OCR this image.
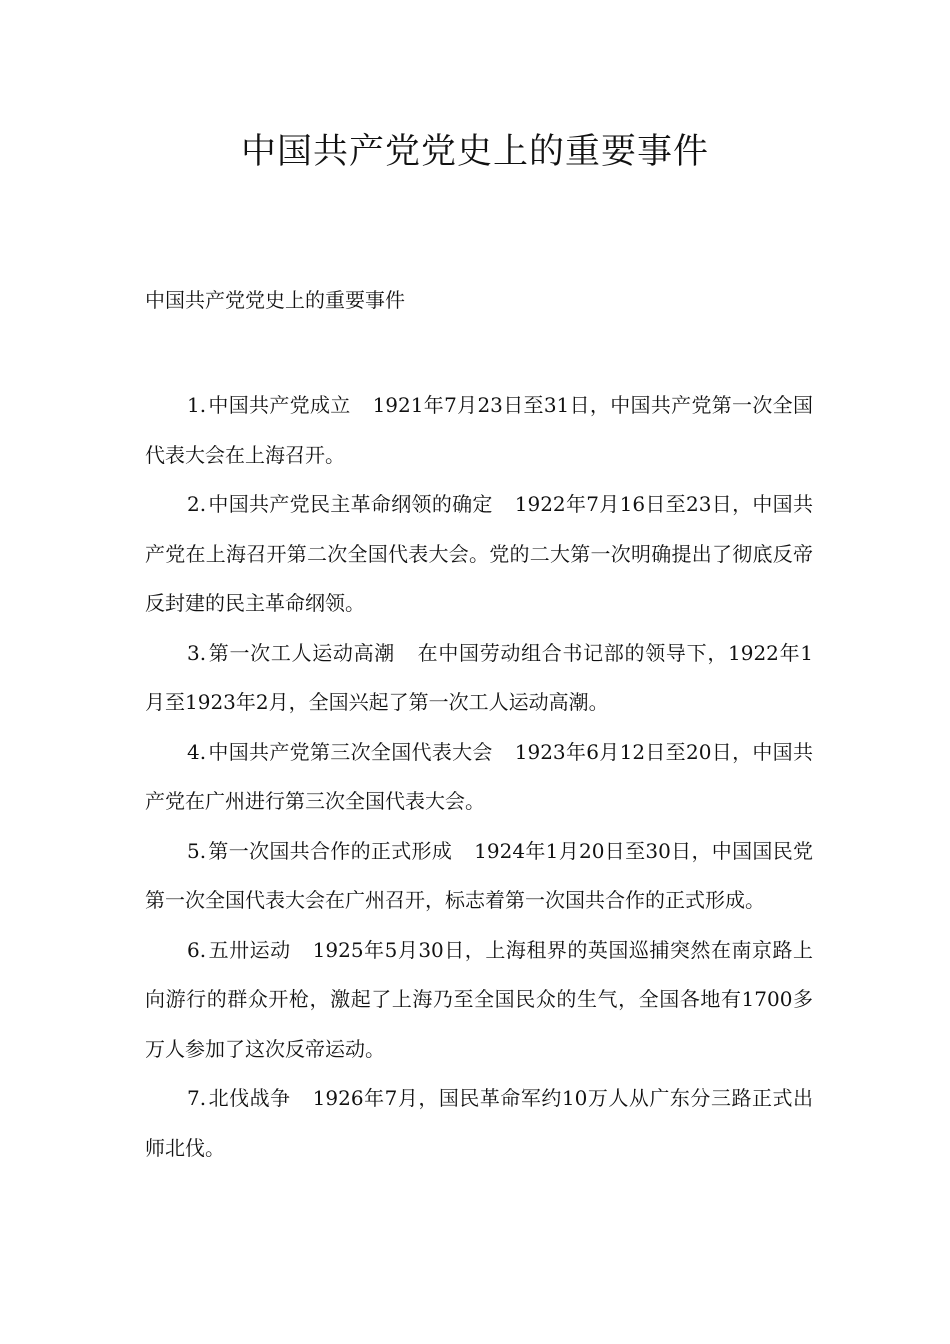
中国共产党党史上的重要事件

中国共产党党史上的重要事件

1. 中国共产党成立 1921年7月23日至31日，中国共产党第一次全国代表大会在上海召开。

2. 中国共产党民主革命纲领的确定 1922年7月16日至23日，中国共产党在上海召开第二次全国代表大会。党的二大第一次明确提出了彻底反帝反封建的民主革命纲领。

3. 第一次工人运动高潮 在中国劳动组合书记部的领导下，1922年1月至1923年2月，全国兴起了第一次工人运动高潮。

4. 中国共产党第三次全国代表大会 1923年6月12日至20日，中国共产党在广州进行第三次全国代表大会。

5. 第一次国共合作的正式形成 1924年1月20日至30日，中国国民党第一次全国代表大会在广州召开，标志着第一次国共合作的正式形成。

6. 五卅运动 1925年5月30日，上海租界的英国巡捕突然在南京路上向游行的群众开枪，激起了上海乃至全国民众的生气，全国各地有1700多万人参加了这次反帝运动。

7. 北伐战争 1926年7月，国民革命军约10万人从广东分三路正式出师北伐。
